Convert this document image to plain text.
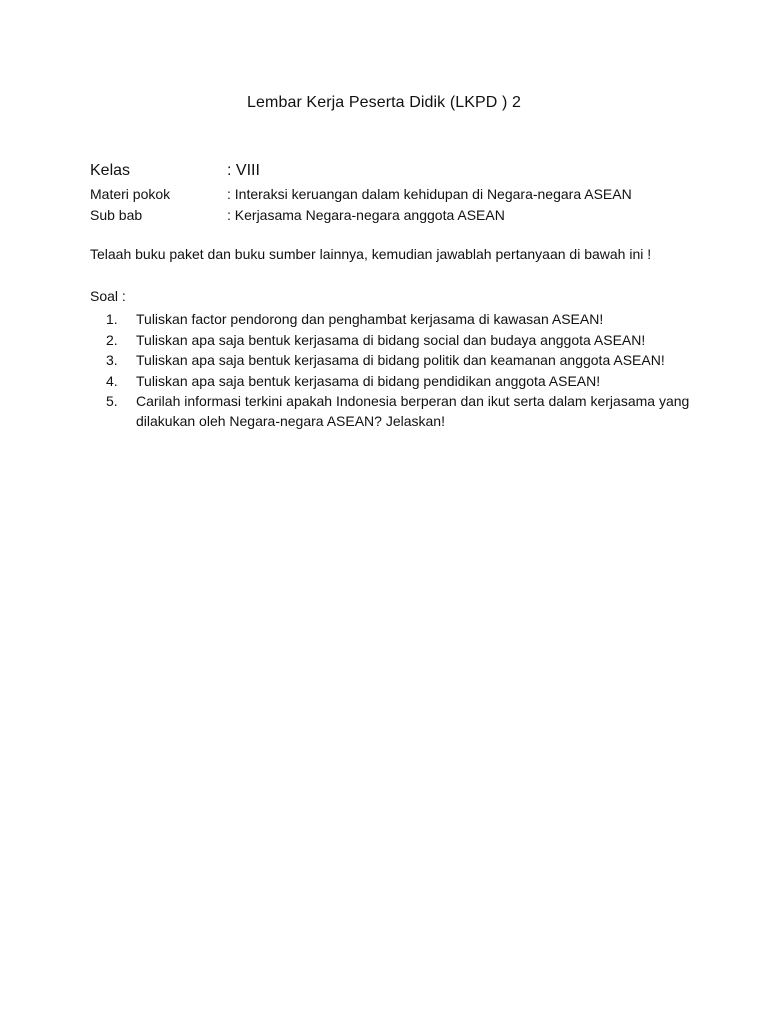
Lembar Kerja Peserta Didik (LKPD ) 2
Kelas	: VIII
Materi pokok	: Interaksi keruangan dalam kehidupan di Negara-negara ASEAN
Sub bab	: Kerjasama Negara-negara anggota ASEAN
Telaah buku paket dan buku sumber lainnya, kemudian jawablah pertanyaan di bawah ini !
Soal :
1.	Tuliskan factor pendorong dan penghambat kerjasama di kawasan ASEAN!
2.	Tuliskan apa saja bentuk kerjasama di bidang social dan budaya anggota ASEAN!
3.	Tuliskan apa saja bentuk kerjasama di bidang politik dan keamanan anggota ASEAN!
4.	Tuliskan apa saja bentuk kerjasama di bidang pendidikan anggota ASEAN!
5.	Carilah informasi terkini apakah Indonesia berperan dan ikut serta dalam kerjasama yang dilakukan oleh Negara-negara ASEAN? Jelaskan!
